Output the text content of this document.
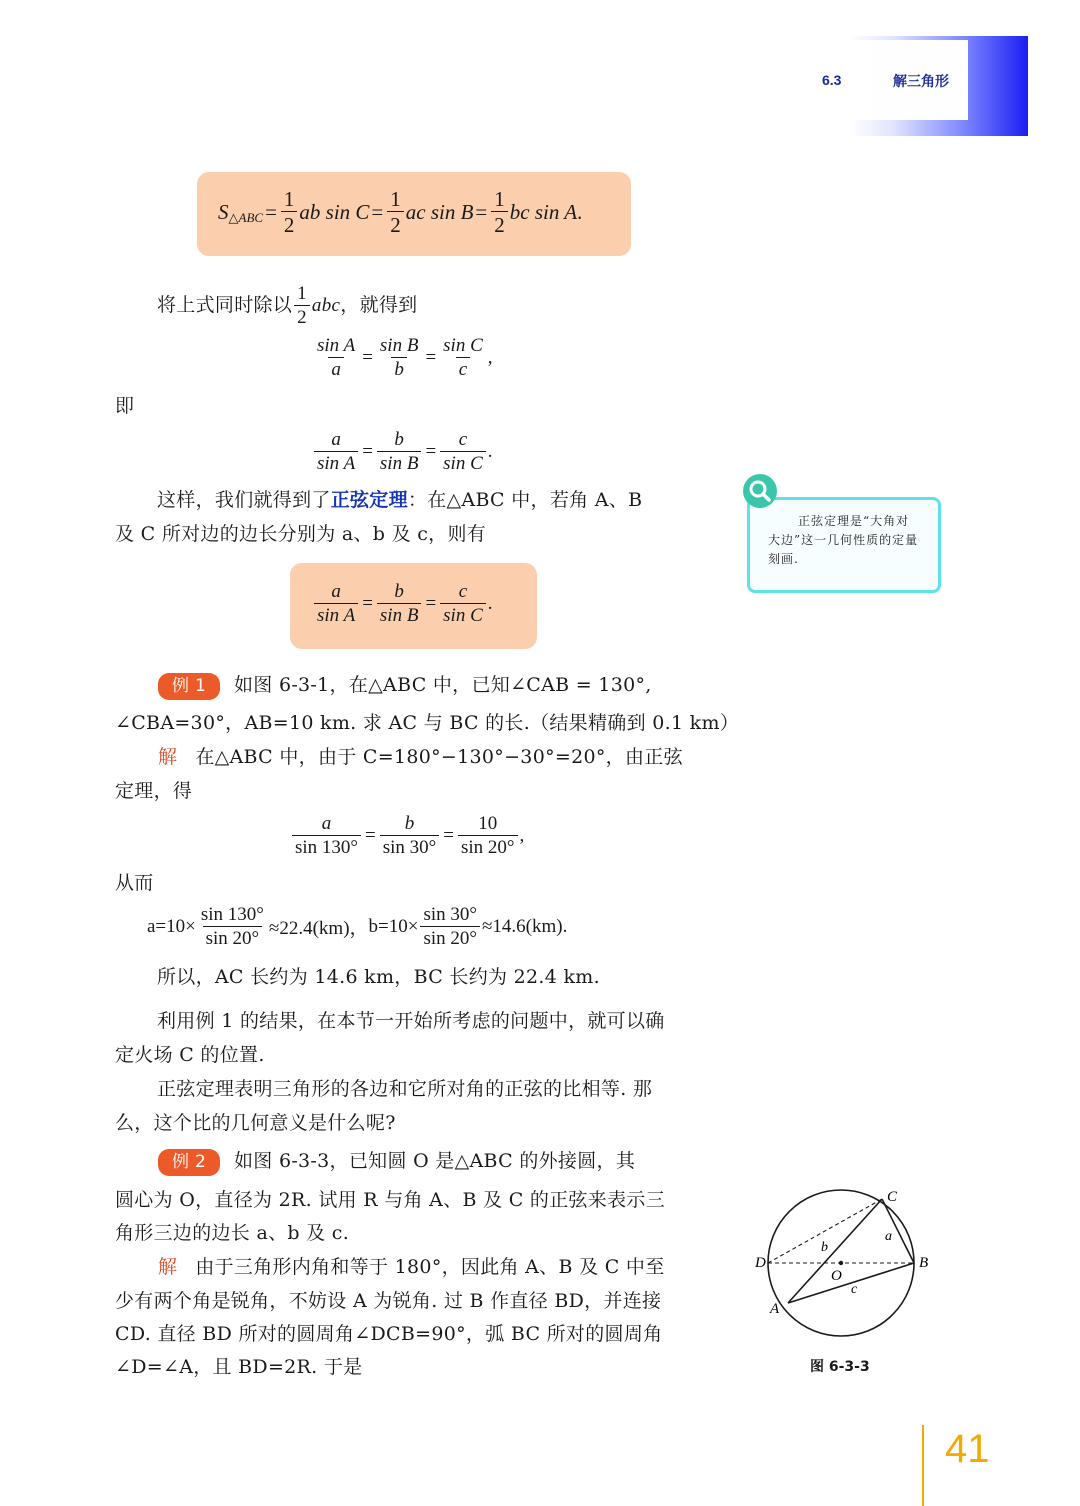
6.3	解三角形
S △ABC = $\frac{1}{2}$ ab $\sin C = \frac{1}{2}$ ac $\sin B = \frac{1}{2}$ bc sin A .
将上式同时除以 $\frac{1}{2}$ abc ，就得到
$\frac{\text{sin A}}{a} = \frac{\text{sin B}}{b} = \frac{\text{sin C}}{c}$ ,
即
$\frac{a}{\text{sin A}} = \frac{b}{\text{sin B}} = \frac{c}{\text{sin C}}$ .
这样，我们就得到了正弦定理：在△ABC 中，若角 A、B
及 C 所对边的边长分别为 a、b 及 c，则有
$\frac{a}{\text{sin A}} = \frac{b}{\text{sin B}} = \frac{c}{\text{sin C}}$ .
正弦定理是“大角对大边”这一几何性质的定量刻画.
例 1 如图 6-3-1，在△ABC 中，已知∠CAB = 130°,
∠CBA=30°，AB=10 km. 求 AC 与 BC 的长.（结果精确到 0.1 km）
解 在△ABC 中，由于 C=180°−130°−30°=20°，由正弦
定理，得
$\frac{a}{\sin 130^\circ} = \frac{b}{\sin 30^\circ} = \frac{10}{\sin 20^\circ}$ ,
从而
$a=10\times \frac{\sin 130^\circ}{\sin 20^\circ} \approx 22.4(km)$， $b=10\times \frac{\sin 30^\circ}{\sin 20^\circ} \approx 14.6(km)$.
所以，AC 长约为 14.6 km，BC 长约为 22.4 km.
利用例 1 的结果，在本节一开始所考虑的问题中，就可以确
定火场 C 的位置.
正弦定理表明三角形的各边和它所对角的正弦的比相等. 那
么，这个比的几何意义是什么呢?
例 2 如图 6-3-3，已知圆 O 是△ABC 的外接圆，其
圆心为 O，直径为 2R. 试用 R 与角 A、B 及 C 的正弦来表示三
角形三边的边长 a、b 及 c.
解 由于三角形内角和等于 180°，因此角 A、B 及 C 中至
少有两个角是锐角，不妨设 A 为锐角. 过 B 作直径 BD，并连接
CD. 直径 BD 所对的圆周角∠DCB=90°，弧 BC 所对的圆周角
∠D=∠A，且 BD=2R. 于是
C
D	B
A
O
a
b
c
图 6-3-3
41
